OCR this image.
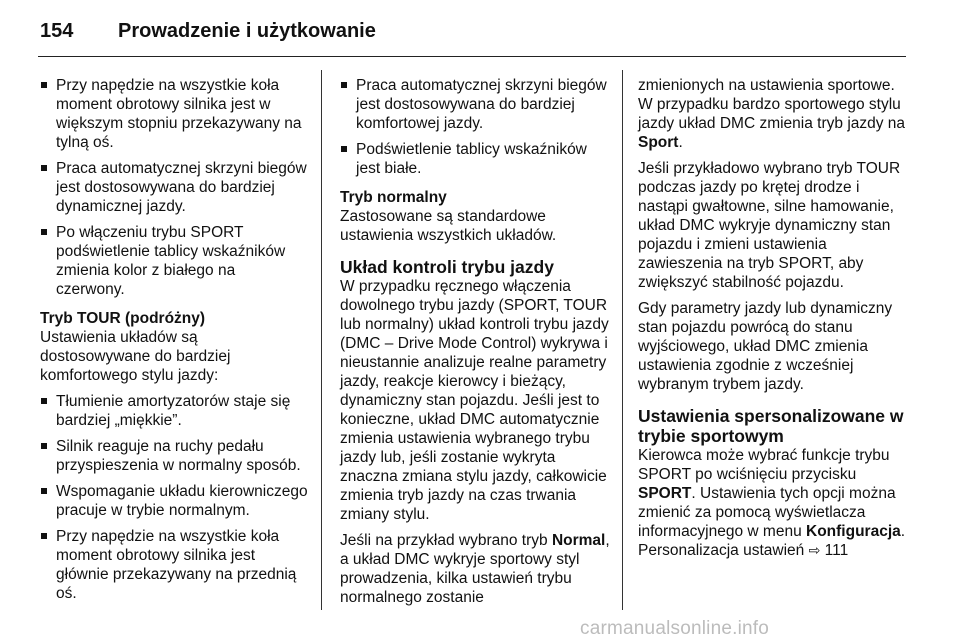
154 Prowadzenie i użytkowanie
Przy napędzie na wszystkie koła moment obrotowy silnika jest w większym stopniu przekazywany na tylną oś.
Praca automatycznej skrzyni biegów jest dostosowywana do bardziej dynamicznej jazdy.
Po włączeniu trybu SPORT podświetlenie tablicy wskaźników zmienia kolor z białego na czerwony.
Tryb TOUR (podróżny)
Ustawienia układów są dostosowywane do bardziej komfortowego stylu jazdy:
Tłumienie amortyzatorów staje się bardziej „miękkie”.
Silnik reaguje na ruchy pedału przyspieszenia w normalny sposób.
Wspomaganie układu kierowniczego pracuje w trybie normalnym.
Przy napędzie na wszystkie koła moment obrotowy silnika jest głównie przekazywany na przednią oś.
Praca automatycznej skrzyni biegów jest dostosowywana do bardziej komfortowej jazdy.
Podświetlenie tablicy wskaźników jest białe.
Tryb normalny
Zastosowane są standardowe ustawienia wszystkich układów.
Układ kontroli trybu jazdy
W przypadku ręcznego włączenia dowolnego trybu jazdy (SPORT, TOUR lub normalny) układ kontroli trybu jazdy (DMC – Drive Mode Control) wykrywa i nieustannie analizuje realne parametry jazdy, reakcje kierowcy i bieżący, dynamiczny stan pojazdu. Jeśli jest to konieczne, układ DMC automatycznie zmienia ustawienia wybranego trybu jazdy lub, jeśli zostanie wykryta znaczna zmiana stylu jazdy, całkowicie zmienia tryb jazdy na czas trwania zmiany stylu.
Jeśli na przykład wybrano tryb Normal, a układ DMC wykryje sportowy styl prowadzenia, kilka ustawień trybu normalnego zostanie
zmienionych na ustawienia sportowe. W przypadku bardzo sportowego stylu jazdy układ DMC zmienia tryb jazdy na Sport.
Jeśli przykładowo wybrano tryb TOUR podczas jazdy po krętej drodze i nastąpi gwałtowne, silne hamowanie, układ DMC wykryje dynamiczny stan pojazdu i zmieni ustawienia zawieszenia na tryb SPORT, aby zwiększyć stabilność pojazdu.
Gdy parametry jazdy lub dynamiczny stan pojazdu powrócą do stanu wyjściowego, układ DMC zmienia ustawienia zgodnie z wcześniej wybranym trybem jazdy.
Ustawienia spersonalizowane w trybie sportowym
Kierowca może wybrać funkcje trybu SPORT po wciśnięciu przycisku SPORT. Ustawienia tych opcji można zmienić za pomocą wyświetlacza informacyjnego w menu Konfiguracja. Personalizacja ustawień ⇨ 111
carmanualsonline.info
